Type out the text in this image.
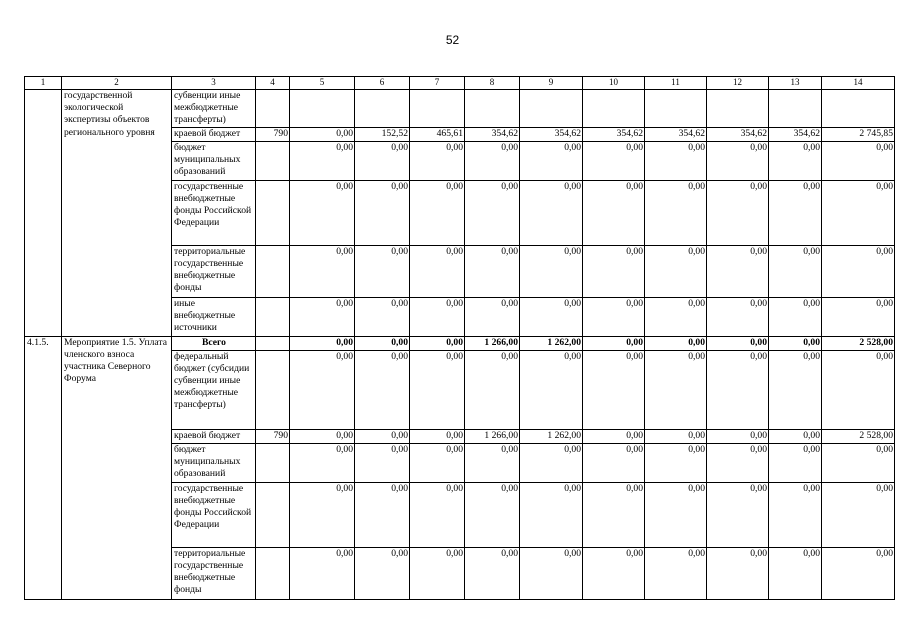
52
1	2	3	4	5	6	7	8	9	10	11	12	13	14
	государственной экологической экспертизы объектов регионального уровня	субвенции иные межбюджетные трансферты)											
		краевой бюджет	790	0,00	152,52	465,61	354,62	354,62	354,62	354,62	354,62	354,62	2 745,85
		бюджет муниципальных образований		0,00	0,00	0,00	0,00	0,00	0,00	0,00	0,00	0,00	0,00
		государственные внебюджетные фонды Российской Федерации		0,00	0,00	0,00	0,00	0,00	0,00	0,00	0,00	0,00	0,00
		территориальные государственные внебюджетные фонды		0,00	0,00	0,00	0,00	0,00	0,00	0,00	0,00	0,00	0,00
		иные внебюджетные источники		0,00	0,00	0,00	0,00	0,00	0,00	0,00	0,00	0,00	0,00
4.1.5.	Мероприятие 1.5. Уплата членского взноса участника Северного Форума	Всего		0,00	0,00	0,00	1 266,00	1 262,00	0,00	0,00	0,00	0,00	2 528,00
		федеральный бюджет (субсидии субвенции иные межбюджетные трансферты)		0,00	0,00	0,00	0,00	0,00	0,00	0,00	0,00	0,00	0,00
		краевой бюджет	790	0,00	0,00	0,00	1 266,00	1 262,00	0,00	0,00	0,00	0,00	2 528,00
		бюджет муниципальных образований		0,00	0,00	0,00	0,00	0,00	0,00	0,00	0,00	0,00	0,00
		государственные внебюджетные фонды Российской Федерации		0,00	0,00	0,00	0,00	0,00	0,00	0,00	0,00	0,00	0,00
		территориальные государственные внебюджетные фонды		0,00	0,00	0,00	0,00	0,00	0,00	0,00	0,00	0,00	0,00
